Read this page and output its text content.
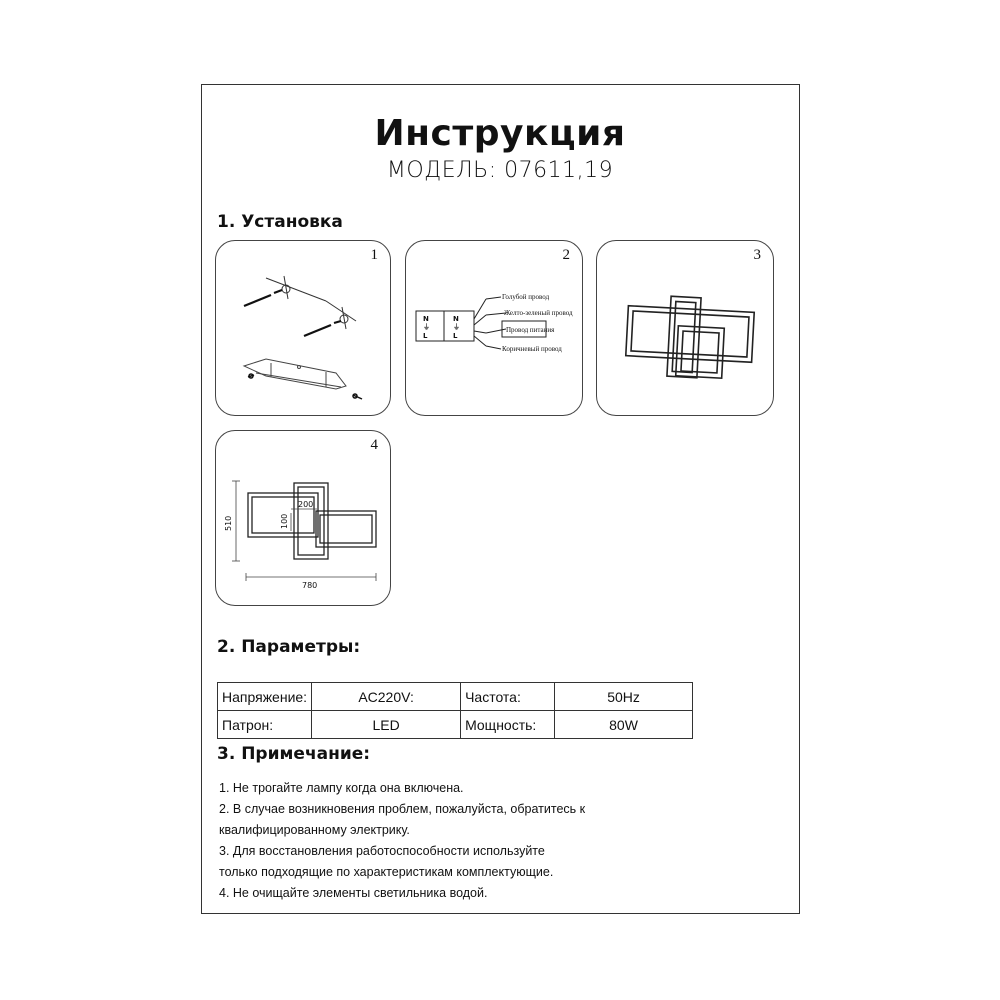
Инструкция
МОДЕЛЬ: 07611,19
1. Установка
1	2
N
⏚
L
N
⏚
L
Голубой провод
Желто-зеленый провод
Провод питания
Коричневый провод
3
4
780
510
200
100
2. Параметры:
Напряжение:	AC220V:	Частота:	50Hz
Патрон:	LED	Мощность:	80W
3. Примечание:
1. Не трогайте лампу когда она включена.
2. В случае возникновения проблем, пожалуйста, обратитесь к
квалифицированному электрику.
3. Для восстановления работоспособности используйте
только подходящие по характеристикам комплектующие.
4. Не очищайте элементы светильника водой.
